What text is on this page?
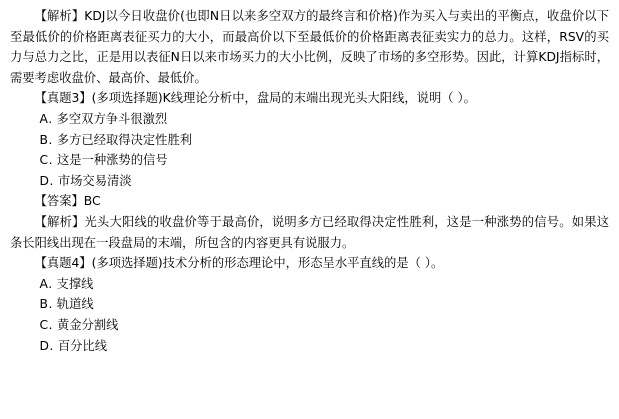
【解析】KDJ以今日收盘价(也即N日以来多空双方的最终言和价格)作为买入与卖出的平衡点，收盘价以下至最低价的价格距离表征买力的大小，而最高价以下至最低价的价格距离表征卖实力的总力。这样，RSV的买力与总力之比，正是用以表征N日以来市场买力的大小比例，反映了市场的多空形势。因此，计算KDJ指标时，需要考虑收盘价、最高价、最低价。

【真题3】(多项选择题)K线理论分析中，盘局的末端出现光头大阳线，说明（ ）。

A. 多空双方争斗很激烈

B. 多方已经取得决定性胜利

C. 这是一种涨势的信号

D. 市场交易清淡

【答案】BC

【解析】光头大阳线的收盘价等于最高价，说明多方已经取得决定性胜利，这是一种涨势的信号。如果这条长阳线出现在一段盘局的末端，所包含的内容更具有说服力。

【真题4】(多项选择题)技术分析的形态理论中，形态呈水平直线的是（ ）。

A. 支撑线

B. 轨道线

C. 黄金分割线

D. 百分比线
